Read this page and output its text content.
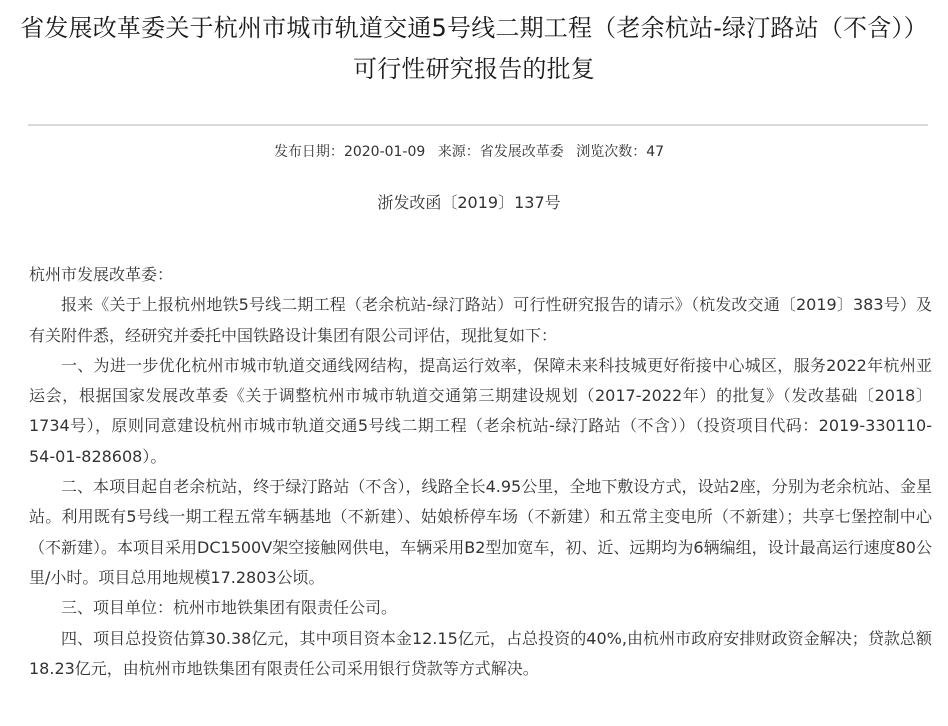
省发展改革委关于杭州市城市轨道交通5号线二期工程（老余杭站-绿汀路站（不含））可行性研究报告的批复
发布日期：2020-01-09 来源：省发展改革委 浏览次数：47
浙发改函〔2019〕137号

杭州市发展改革委：

报来《关于上报杭州地铁5号线二期工程（老余杭站-绿汀路站）可行性研究报告的请示》（杭发改交通〔2019〕383号）及有关附件悉，经研究并委托中国铁路设计集团有限公司评估，现批复如下：

一、为进一步优化杭州市城市轨道交通线网结构，提高运行效率，保障未来科技城更好衔接中心城区，服务2022年杭州亚运会，根据国家发展改革委《关于调整杭州市城市轨道交通第三期建设规划（2017-2022年）的批复》（发改基础〔2018〕1734号），原则同意建设杭州市城市轨道交通5号线二期工程（老余杭站-绿汀路站（不含））（投资项目代码：2019-330110-54-01-828608）。

二、本项目起自老余杭站，终于绿汀路站（不含），线路全长4.95公里，全地下敷设方式，设站2座，分别为老余杭站、金星站。利用既有5号线一期工程五常车辆基地（不新建）、姑娘桥停车场（不新建）和五常主变电所（不新建）；共享七堡控制中心（不新建）。本项目采用DC1500V架空接触网供电，车辆采用B2型加宽车，初、近、远期均为6辆编组，设计最高运行速度80公里/小时。项目总用地规模17.2803公顷。

三、项目单位：杭州市地铁集团有限责任公司。

四、项目总投资估算30.38亿元，其中项目资本金12.15亿元，占总投资的40%,由杭州市政府安排财政资金解决；贷款总额18.23亿元，由杭州市地铁集团有限责任公司采用银行贷款等方式解决。
